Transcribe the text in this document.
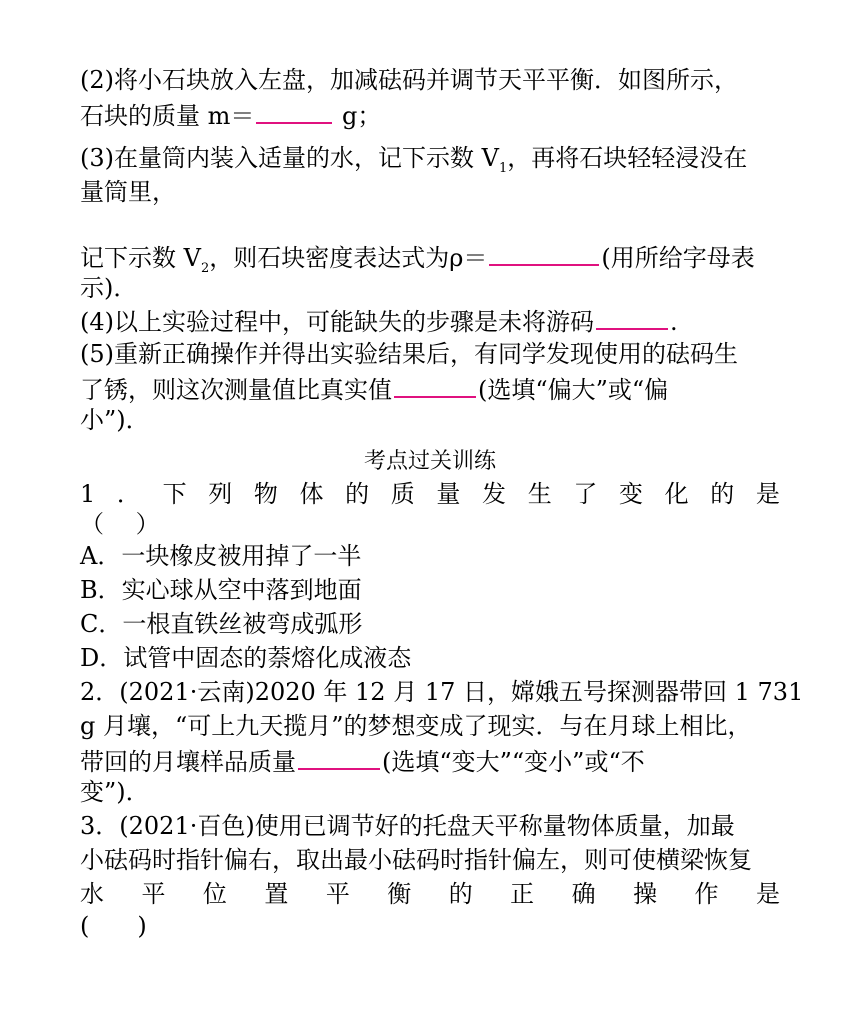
(2)将小石块放入左盘，加减砝码并调节天平平衡．如图所示，
石块的质量 m＝	g；
(3)在量筒内装入适量的水，记下示数 $V_1$，再将石块轻轻浸没在
量筒里，
记下示数 $V_2$，则石块密度表达式为ρ＝	(用所给字母表
示)．
(4)以上实验过程中，可能缺失的步骤是未将游码	.
(5)重新正确操作并得出实验结果后，有同学发现使用的砝码生
了锈，则这次测量值比真实值	(选填“偏大”或“偏
小”)．
考点过关训练
1 ． 下 列 物 体 的 质 量 发 生 了 变 化 的 是
（　 ）
A．一块橡皮被用掉了一半
B．实心球从空中落到地面
C．一根直铁丝被弯成弧形
D．试管中固态的萘熔化成液态
2．(2021·云南)2020 年 12 月 17 日，嫦娥五号探测器带回 1 731
g 月壤，“可上九天揽月”的梦想变成了现实．与在月球上相比，
带回的月壤样品质量	(选填“变大”“变小”或“不
变”)．
3．(2021·百色)使用已调节好的托盘天平称量物体质量，加最
小砝码时指针偏右，取出最小砝码时指针偏左，则可使横梁恢复
水 平 位 置 平 衡 的 正 确 操 作 是
(　　)
